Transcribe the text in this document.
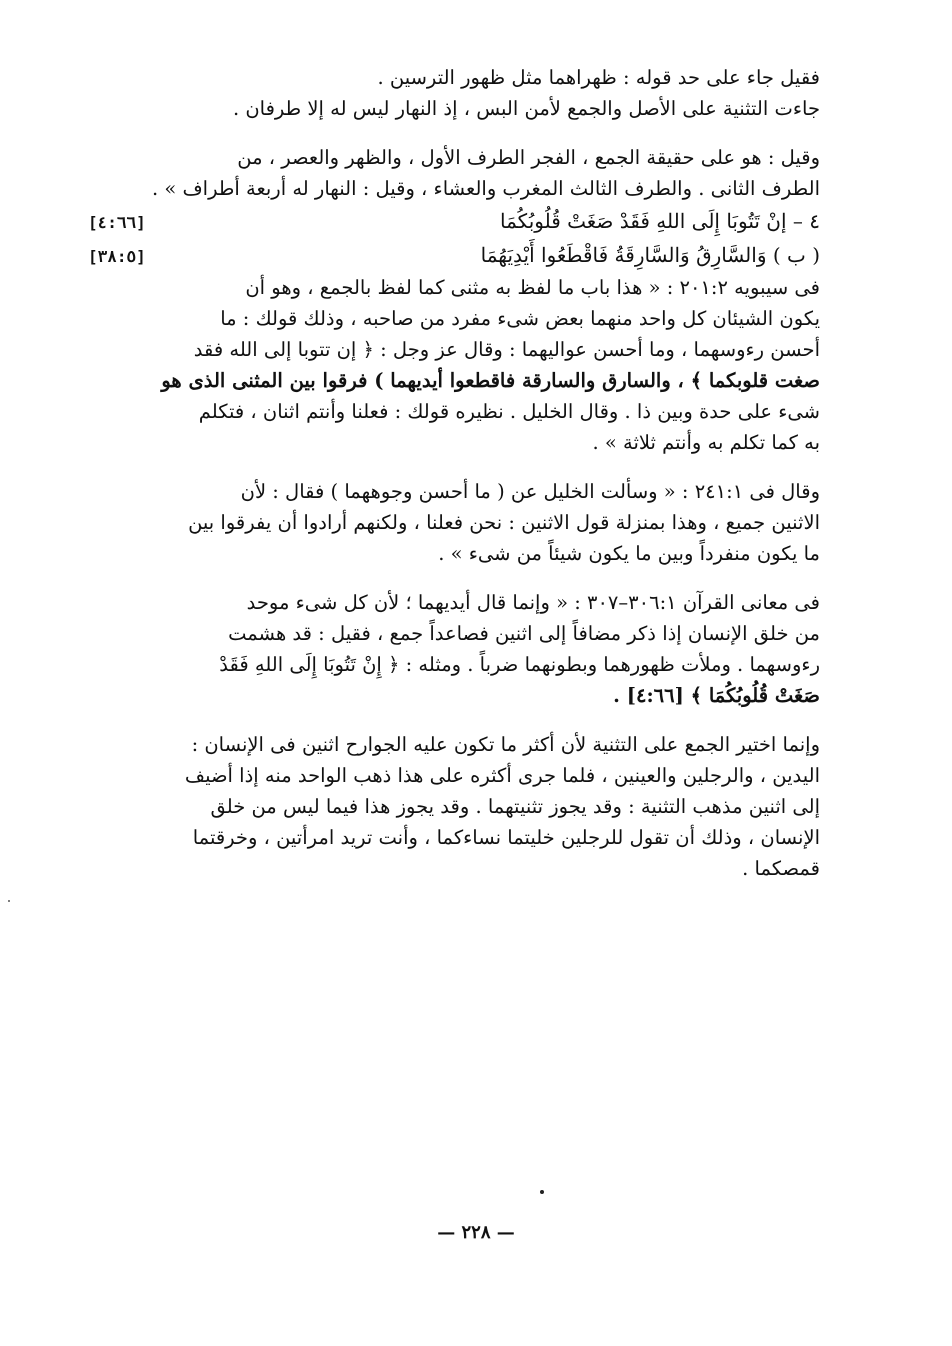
فقيل جاء على حد قوله : ظهراهما مثل ظهور الترسين .
جاءت التثنية على الأصل والجمع لأمن البس ، إذ النهار ليس له إلا طرفان .
وقيل : هو على حقيقة الجمع ، الفجر الطرف الأول ، والظهر والعصر ، من
الطرف الثانى . والطرف الثالث المغرب والعشاء ، وقيل : النهار له أربعة أطراف » .
٤ – إنْ تَتُوبَا إِلَى اللهِ فَقَدْ صَغَتْ قُلُوبُكُمَا
[٤:٦٦]
( ب ) وَالسَّارِقُ وَالسَّارِقَةُ فَاقْطَعُوا أَيْدِيَهُمَا
[٣٨:٥]
فى سيبويه ٢٠١:٢ : « هذا باب ما لفظ به مثنى كما لفظ بالجمع ، وهو أن
يكون الشيئان كل واحد منهما بعض شىء مفرد من صاحبه ، وذلك قولك : ما
أحسن رءوسهما ، وما أحسن عواليهما : وقال عز وجل : ﴿ إن تتوبا إلى الله فقد
صغت قلوبكما ﴾ ، والسارق والسارقة فاقطعوا أيديهما ) فرقوا بين المثنى الذى هو
شىء على حدة وبين ذا . وقال الخليل . نظيره قولك : فعلنا وأنتم اثنان ، فتكلم
به كما تكلم به وأنتم ثلاثة » .
وقال فى ٢٤١:١ : « وسألت الخليل عن ( ما أحسن وجوههما ) فقال : لأن
الاثنين جميع ، وهذا بمنزلة قول الاثنين : نحن فعلنا ، ولكنهم أرادوا أن يفرقوا بين
ما يكون منفرداً وبين ما يكون شيئاً من شىء » .
فى معانى القرآن ٣٠٦:١–٣٠٧ : « وإنما قال أيديهما ؛ لأن كل شىء موحد
من خلق الإنسان إذا ذكر مضافاً إلى اثنين فصاعداً جمع ، فقيل : قد هشمت
رءوسهما . وملأت ظهورهما وبطونهما ضرباً . ومثله : ﴿ إِنْ تَتُوبَا إِلَى اللهِ فَقَدْ
صَغَتْ قُلُوبُكُمَا ﴾ [٤:٦٦] .
وإنما اختير الجمع على التثنية لأن أكثر ما تكون عليه الجوارح اثنين فى الإنسان :
اليدين ، والرجلين والعينين ، فلما جرى أكثره على هذا ذهب الواحد منه إذا أضيف
إلى اثنين مذهب التثنية : وقد يجوز تثنيتهما . وقد يجوز هذا فيما ليس من خلق
الإنسان ، وذلك أن تقول للرجلين خليتما نساءكما ، وأنت تريد امرأتين ، وخرقتما
قمصكما .
— ٢٢٨ —
